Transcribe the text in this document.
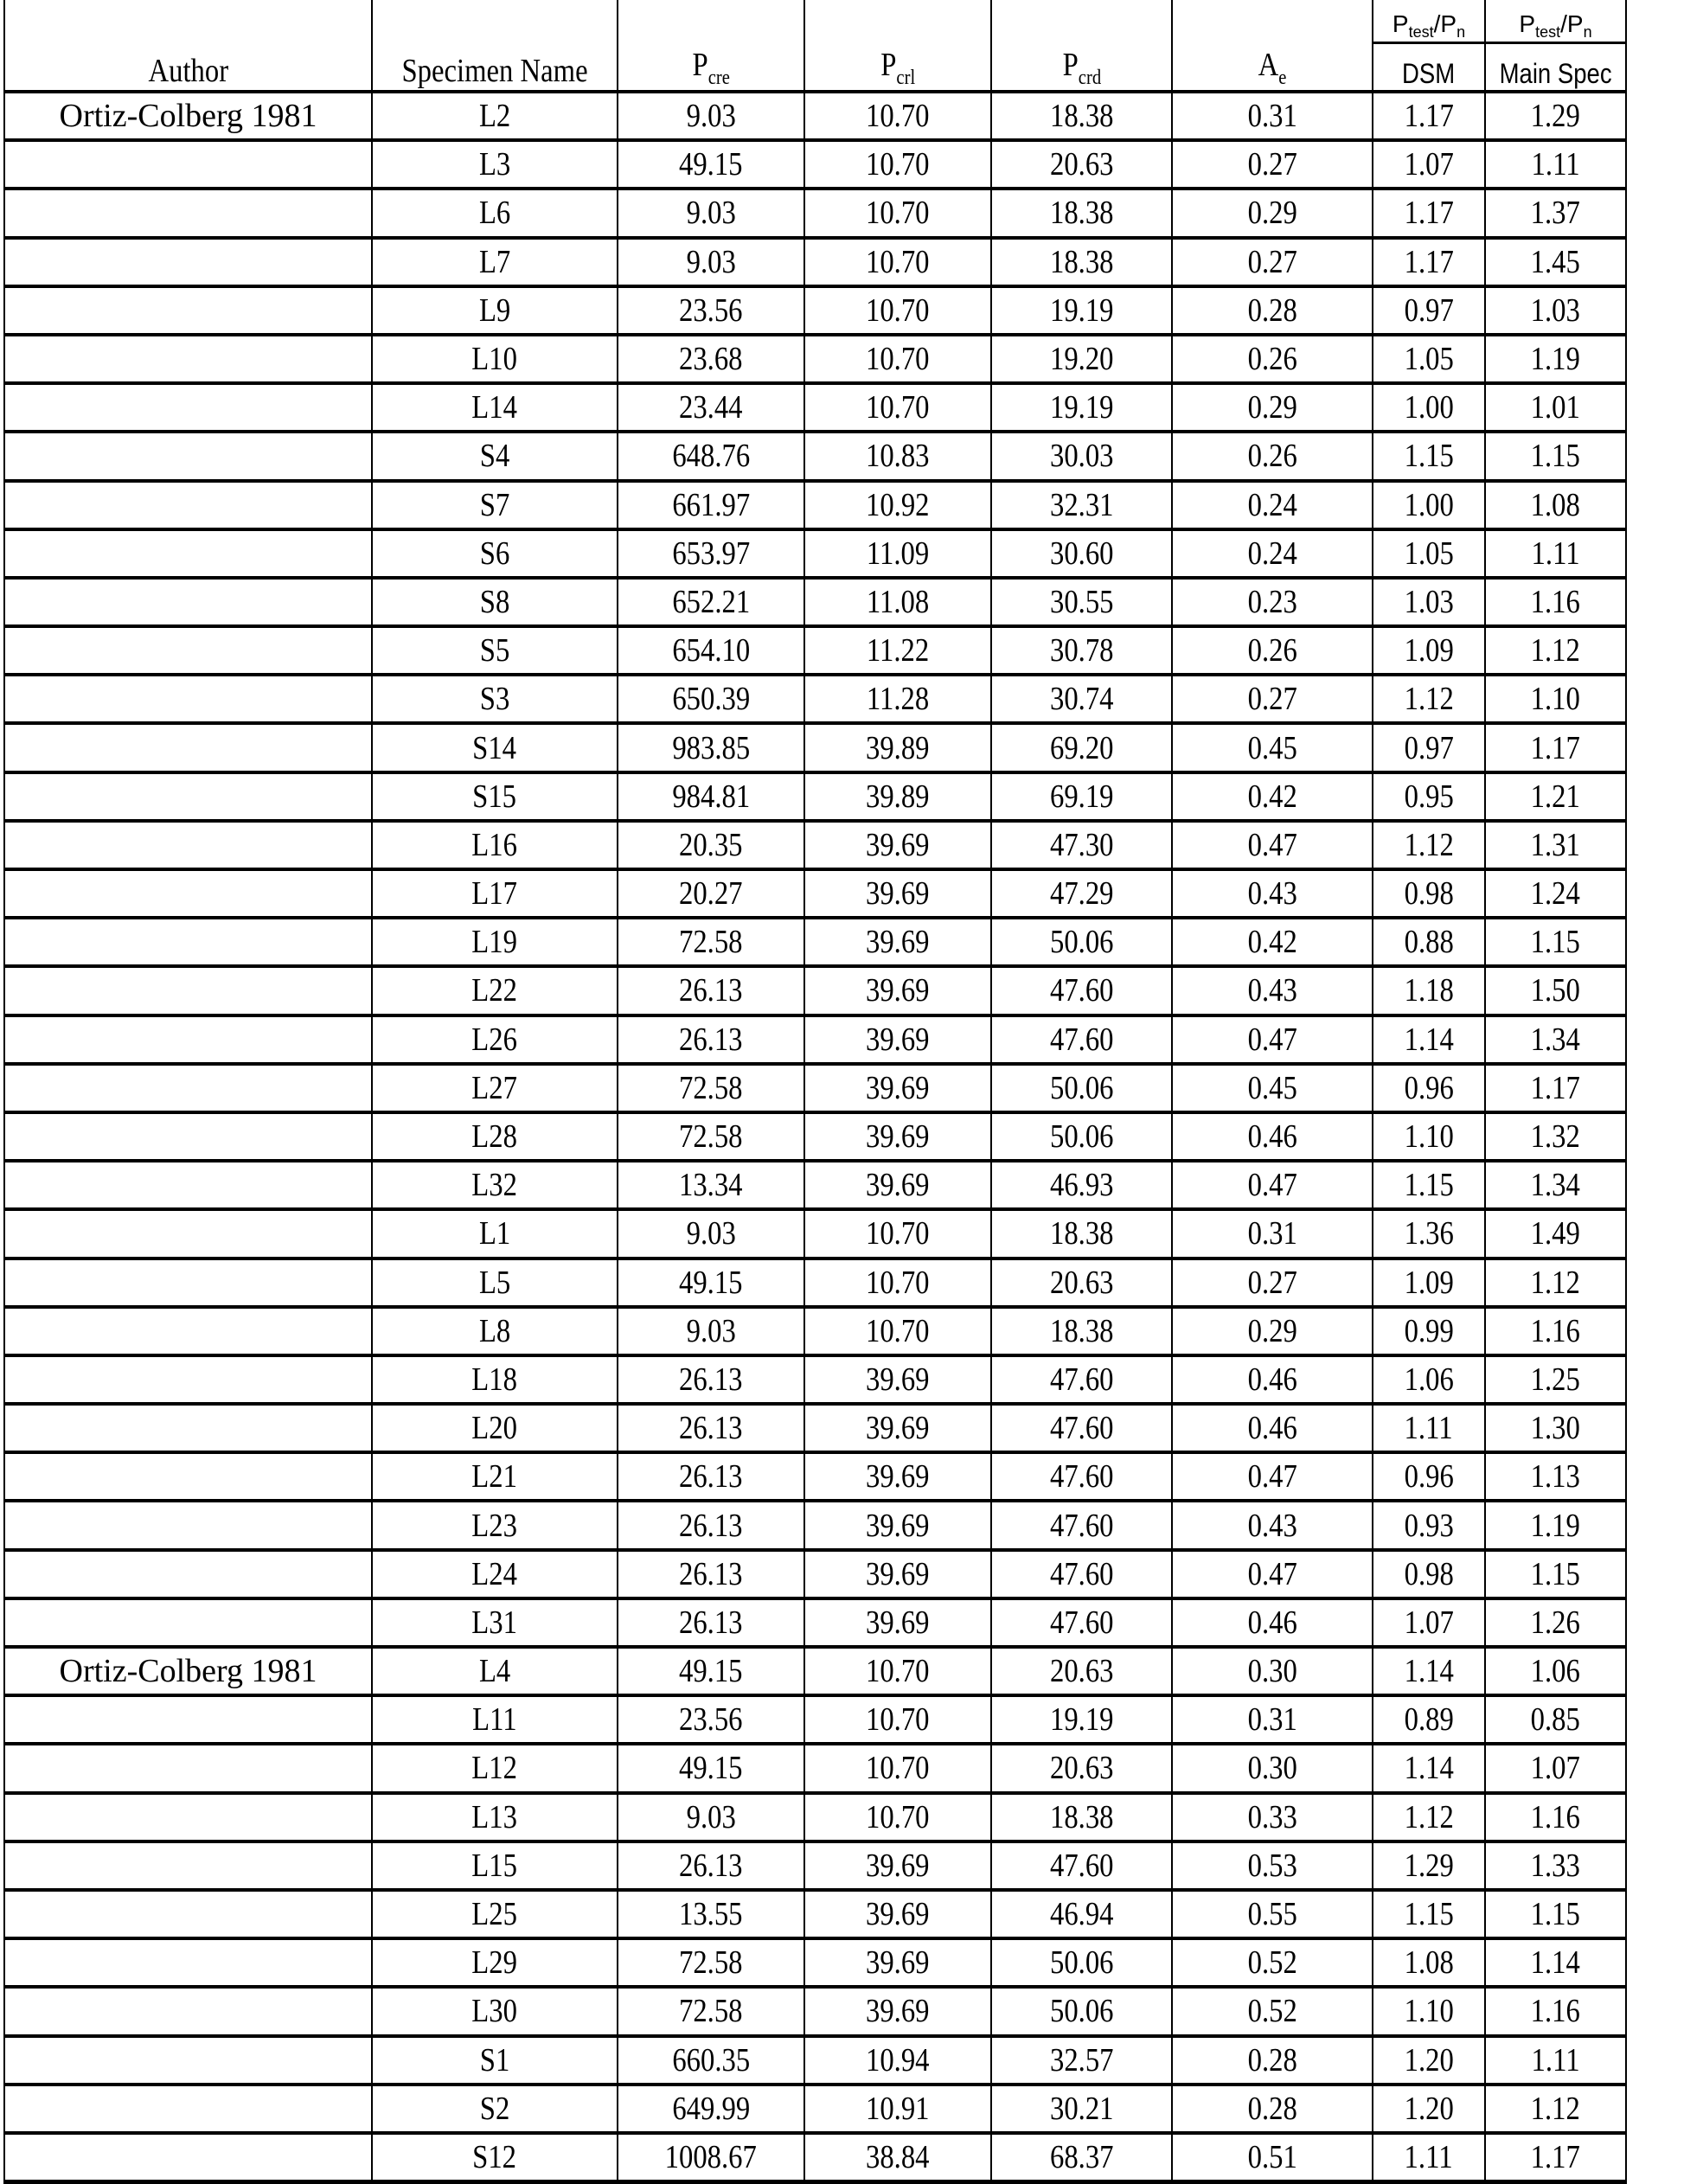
Author	Specimen Name	$P_{cre}$	$P_{crl}$	$P_{crd}$	$A_e$	$P_{test}/P_n$	$P_{test}/P_n$
						DSM	Main Spec
Ortiz-Colberg 1981	L2	9.03	10.70	18.38	0.31	1.17	1.29
	L3	49.15	10.70	20.63	0.27	1.07	1.11
	L6	9.03	10.70	18.38	0.29	1.17	1.37
	L7	9.03	10.70	18.38	0.27	1.17	1.45
	L9	23.56	10.70	19.19	0.28	0.97	1.03
	L10	23.68	10.70	19.20	0.26	1.05	1.19
	L14	23.44	10.70	19.19	0.29	1.00	1.01
	S4	648.76	10.83	30.03	0.26	1.15	1.15
	S7	661.97	10.92	32.31	0.24	1.00	1.08
	S6	653.97	11.09	30.60	0.24	1.05	1.11
	S8	652.21	11.08	30.55	0.23	1.03	1.16
	S5	654.10	11.22	30.78	0.26	1.09	1.12
	S3	650.39	11.28	30.74	0.27	1.12	1.10
	S14	983.85	39.89	69.20	0.45	0.97	1.17
	S15	984.81	39.89	69.19	0.42	0.95	1.21
	L16	20.35	39.69	47.30	0.47	1.12	1.31
	L17	20.27	39.69	47.29	0.43	0.98	1.24
	L19	72.58	39.69	50.06	0.42	0.88	1.15
	L22	26.13	39.69	47.60	0.43	1.18	1.50
	L26	26.13	39.69	47.60	0.47	1.14	1.34
	L27	72.58	39.69	50.06	0.45	0.96	1.17
	L28	72.58	39.69	50.06	0.46	1.10	1.32
	L32	13.34	39.69	46.93	0.47	1.15	1.34
	L1	9.03	10.70	18.38	0.31	1.36	1.49
	L5	49.15	10.70	20.63	0.27	1.09	1.12
	L8	9.03	10.70	18.38	0.29	0.99	1.16
	L18	26.13	39.69	47.60	0.46	1.06	1.25
	L20	26.13	39.69	47.60	0.46	1.11	1.30
	L21	26.13	39.69	47.60	0.47	0.96	1.13
	L23	26.13	39.69	47.60	0.43	0.93	1.19
	L24	26.13	39.69	47.60	0.47	0.98	1.15
	L31	26.13	39.69	47.60	0.46	1.07	1.26
Ortiz-Colberg 1981	L4	49.15	10.70	20.63	0.30	1.14	1.06
	L11	23.56	10.70	19.19	0.31	0.89	0.85
	L12	49.15	10.70	20.63	0.30	1.14	1.07
	L13	9.03	10.70	18.38	0.33	1.12	1.16
	L15	26.13	39.69	47.60	0.53	1.29	1.33
	L25	13.55	39.69	46.94	0.55	1.15	1.15
	L29	72.58	39.69	50.06	0.52	1.08	1.14
	L30	72.58	39.69	50.06	0.52	1.10	1.16
	S1	660.35	10.94	32.57	0.28	1.20	1.11
	S2	649.99	10.91	30.21	0.28	1.20	1.12
	S12	1008.67	38.84	68.37	0.51	1.11	1.17
